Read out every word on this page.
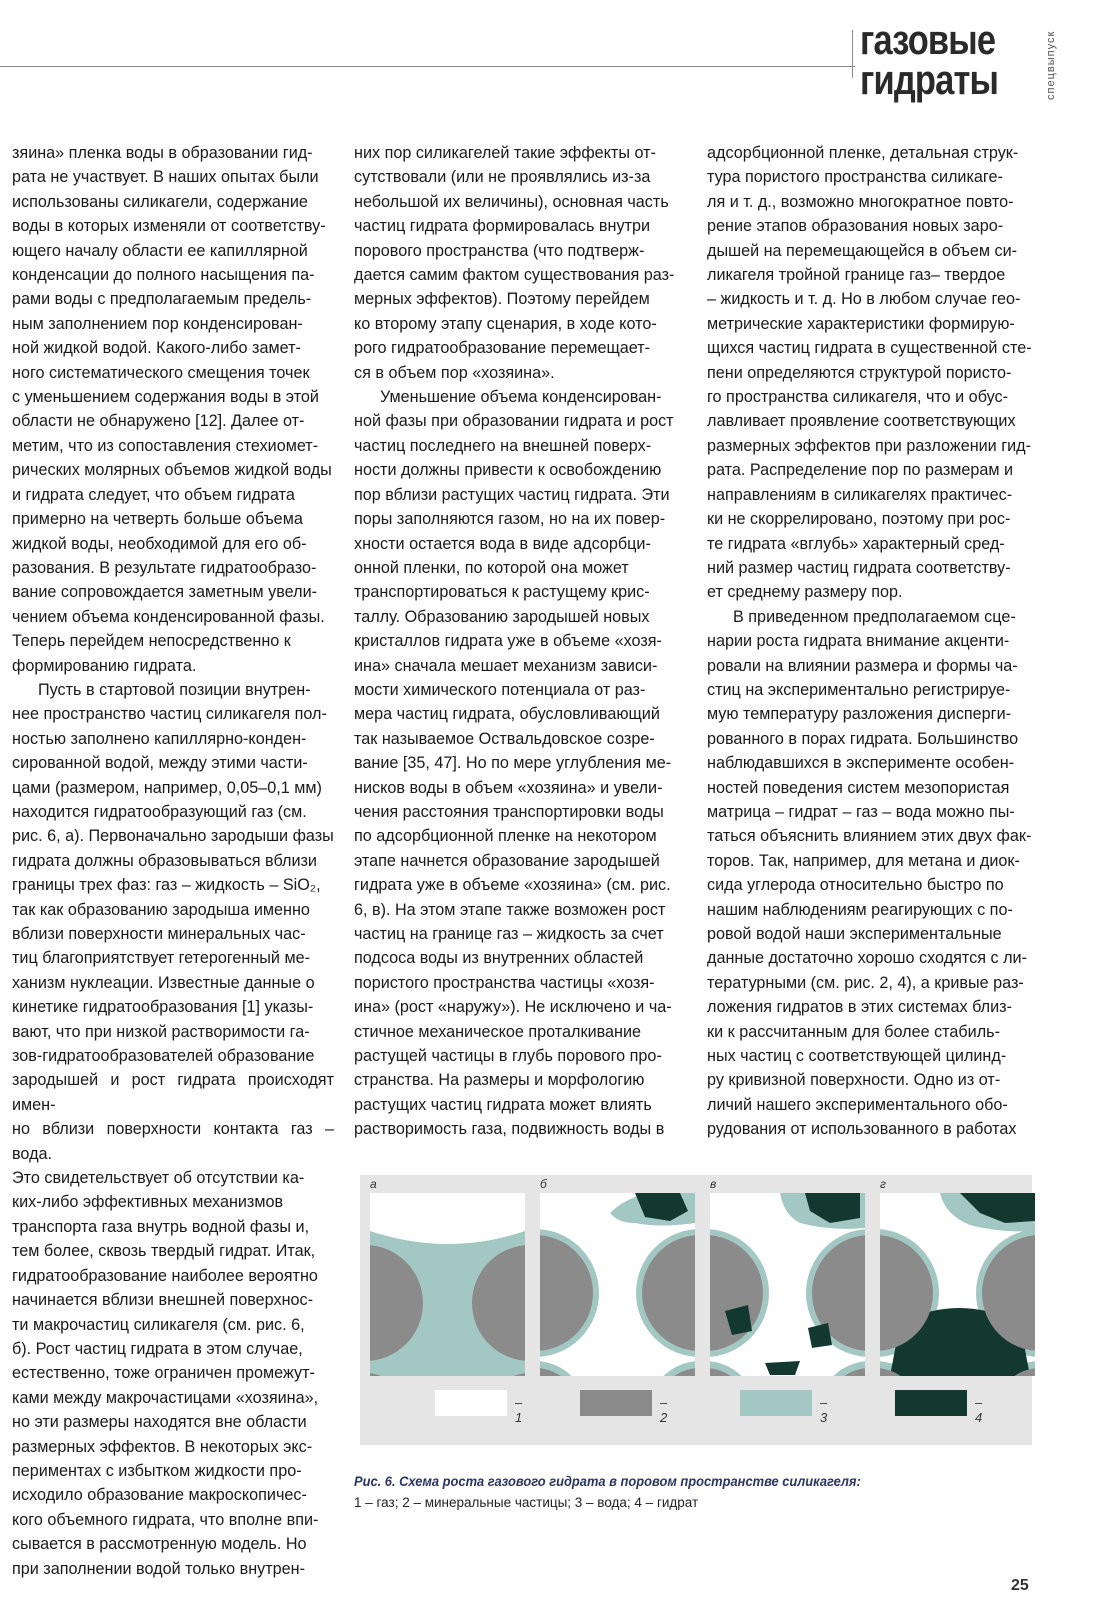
газовые
гидраты	спецвыпуск

зяина» пленка воды в образовании гид-
рата не участвует. В наших опытах были
использованы силикагели, содержание
воды в которых изменяли от соответству-
ющего началу области ее капиллярной
конденсации до полного насыщения па-
рами воды с предполагаемым предель-
ным заполнением пор конденсирован-
ной жидкой водой. Какого-либо замет-
ного систематического смещения точек
с уменьшением содержания воды в этой
области не обнаружено [12]. Далее от-
метим, что из сопоставления стехиомет-
рических молярных объемов жидкой воды
и гидрата следует, что объем гидрата
примерно на четверть больше объема
жидкой воды, необходимой для его об-
разования. В результате гидратообразо-
вание сопровождается заметным увели-
чением объема конденсированной фазы.
Теперь перейдем непосредственно к
формированию гидрата.

Пусть в стартовой позиции внутрен-
нее пространство частиц силикагеля пол-
ностью заполнено капиллярно-конден-
сированной водой, между этими части-
цами (размером, например, 0,05–0,1 мм)
находится гидратообразующий газ (см.
рис. 6, а). Первоначально зародыши фазы
гидрата должны образовываться вблизи
границы трех фаз: газ – жидкость – SiO₂,
так как образованию зародыша именно
вблизи поверхности минеральных час-
тиц благоприятствует гетерогенный ме-
ханизм нуклеации. Известные данные о
кинетике гидратообразования [1] указы-
вают, что при низкой растворимости га-
зов-гидратообразователей образование
зародышей и рост гидрата происходят имен-
но вблизи поверхности контакта газ – вода.
Это свидетельствует об отсутствии ка-
ких-либо эффективных механизмов
транспорта газа внутрь водной фазы и,
тем более, сквозь твердый гидрат. Итак,
гидратообразование наиболее вероятно
начинается вблизи внешней поверхнос-
ти макрочастиц силикагеля (см. рис. 6,
б). Рост частиц гидрата в этом случае,
естественно, тоже ограничен промежут-
ками между макрочастицами «хозяина»,
но эти размеры находятся вне области
размерных эффектов. В некоторых экс-
периментах с избытком жидкости про-
исходило образование макроскопичес-
кого объемного гидрата, что вполне впи-
сывается в рассмотренную модель. Но
при заполнении водой только внутрен-

них пор силикагелей такие эффекты от-
сутствовали (или не проявлялись из-за
небольшой их величины), основная часть
частиц гидрата формировалась внутри
порового пространства (что подтверж-
дается самим фактом существования раз-
мерных эффектов). Поэтому перейдем
ко второму этапу сценария, в ходе кото-
рого гидратообразование перемещает-
ся в объем пор «хозяина».

Уменьшение объема конденсирован-
ной фазы при образовании гидрата и рост
частиц последнего на внешней поверх-
ности должны привести к освобождению
пор вблизи растущих частиц гидрата. Эти
поры заполняются газом, но на их повер-
хности остается вода в виде адсорбци-
онной пленки, по которой она может
транспортироваться к растущему крис-
таллу. Образованию зародышей новых
кристаллов гидрата уже в объеме «хозя-
ина» сначала мешает механизм зависи-
мости химического потенциала от раз-
мера частиц гидрата, обусловливающий
так называемое Оствальдовское созре-
вание [35, 47]. Но по мере углубления ме-
нисков воды в объем «хозяина» и увели-
чения расстояния транспортировки воды
по адсорбционной пленке на некотором
этапе начнется образование зародышей
гидрата уже в объеме «хозяина» (см. рис.
6, в). На этом этапе также возможен рост
частиц на границе газ – жидкость за счет
подсоса воды из внутренних областей
пористого пространства частицы «хозя-
ина» (рост «наружу»). Не исключено и ча-
стичное механическое проталкивание
растущей частицы в глубь порового про-
странства. На размеры и морфологию
растущих частиц гидрата может влиять
растворимость газа, подвижность воды в

адсорбционной пленке, детальная струк-
тура пористого пространства силикаге-
ля и т. д., возможно многократное повто-
рение этапов образования новых заро-
дышей на перемещающейся в объем си-
ликагеля тройной границе газ– твердое
– жидкость и т. д. Но в любом случае гео-
метрические характеристики формирую-
щихся частиц гидрата в существенной сте-
пени определяются структурой пористо-
го пространства силикагеля, что и обус-
лавливает проявление соответствующих
размерных эффектов при разложении гид-
рата. Распределение пор по размерам и
направлениям в силикагелях практичес-
ки не скоррелировано, поэтому при рос-
те гидрата «вглубь» характерный сред-
ний размер частиц гидрата соответству-
ет среднему размеру пор.

В приведенном предполагаемом сце-
нарии роста гидрата внимание акценти-
ровали на влиянии размера и формы ча-
стиц на экспериментально регистрируе-
мую температуру разложения дисперги-
рованного в порах гидрата. Большинство
наблюдавшихся в эксперименте особен-
ностей поведения систем мезопористая
матрица – гидрат – газ – вода можно пы-
таться объяснить влиянием этих двух фак-
торов. Так, например, для метана и диок-
сида углерода относительно быстро по
нашим наблюдениям реагирующих с по-
ровой водой наши экспериментальные
данные достаточно хорошо сходятся с ли-
тературными (см. рис. 2, 4), а кривые раз-
ложения гидратов в этих системах близ-
ки к рассчитанным для более стабиль-
ных частиц с соответствующей цилинд-
ру кривизной поверхности. Одно из от-
личий нашего экспериментального обо-
рудования от использованного в работах

а	б	в	г
– 1
– 2
– 3
– 4
Рис. 6. Схема роста газового гидрата в поровом пространстве силикагеля:
1 – газ; 2 – минеральные частицы; 3 – вода; 4 – гидрат
25
